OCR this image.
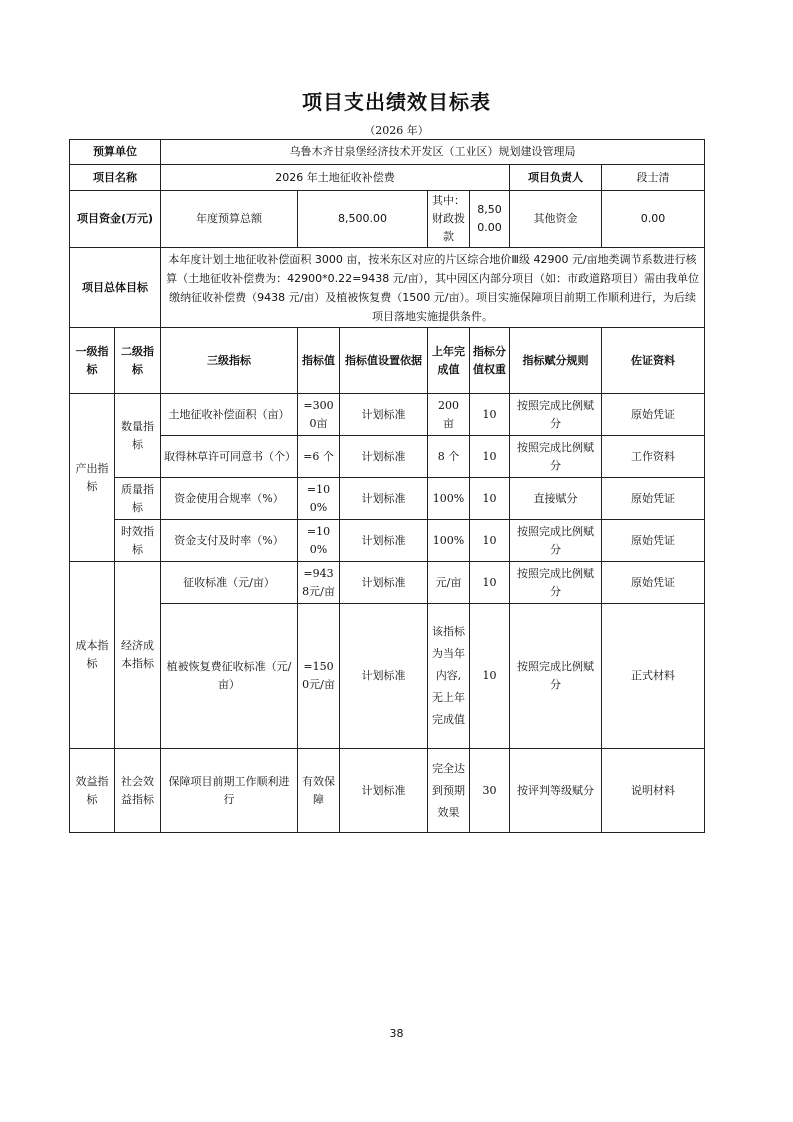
项目支出绩效目标表
（2026 年）
预算单位		乌鲁木齐甘泉堡经济技术开发区（工业区）规划建设管理局						
项目名称		2026 年土地征收补偿费					项目负责人	段士清
项目资金(万元)		年度预算总额	8,500.00		其中：财政拨款	8,500.00	其他资金	0.00
项目总体目标		本年度计划土地征收补偿面积 3000 亩，按米东区对应的片区综合地价Ⅲ级 42900 元/亩地类调节系数进行核算（土地征收补偿费为：42900*0.22=9438 元/亩），其中园区内部分项目（如：市政道路项目）需由我单位缴纳征收补偿费（9438 元/亩）及植被恢复费（1500 元/亩）。项目实施保障项目前期工作顺利进行，为后续项目落地实施提供条件。						
一级指标	二级指标	三级指标	指标值	指标值设置依据	上年完成值	指标分值权重	指标赋分规则	佐证资料
产出指标	数量指标	土地征收补偿面积（亩）	=3000亩	计划标准	200 亩	10	按照完成比例赋分	原始凭证
		取得林草许可同意书（个）	=6 个	计划标准	8 个	10	按照完成比例赋分	工作资料
	质量指标	资金使用合规率（%）	=100%	计划标准	100%	10	直接赋分	原始凭证
	时效指标	资金支付及时率（%）	=100%	计划标准	100%	10	按照完成比例赋分	原始凭证
成本指标	经济成本指标	征收标准（元/亩）	=9438元/亩	计划标准	元/亩	10	按照完成比例赋分	原始凭证
		植被恢复费征收标准（元/亩）	=1500元/亩	计划标准	该指标为当年内容,无上年完成值	10	按照完成比例赋分	正式材料
效益指标	社会效益指标	保障项目前期工作顺利进行	有效保障	计划标准	完全达到预期效果	30	按评判等级赋分	说明材料
38
